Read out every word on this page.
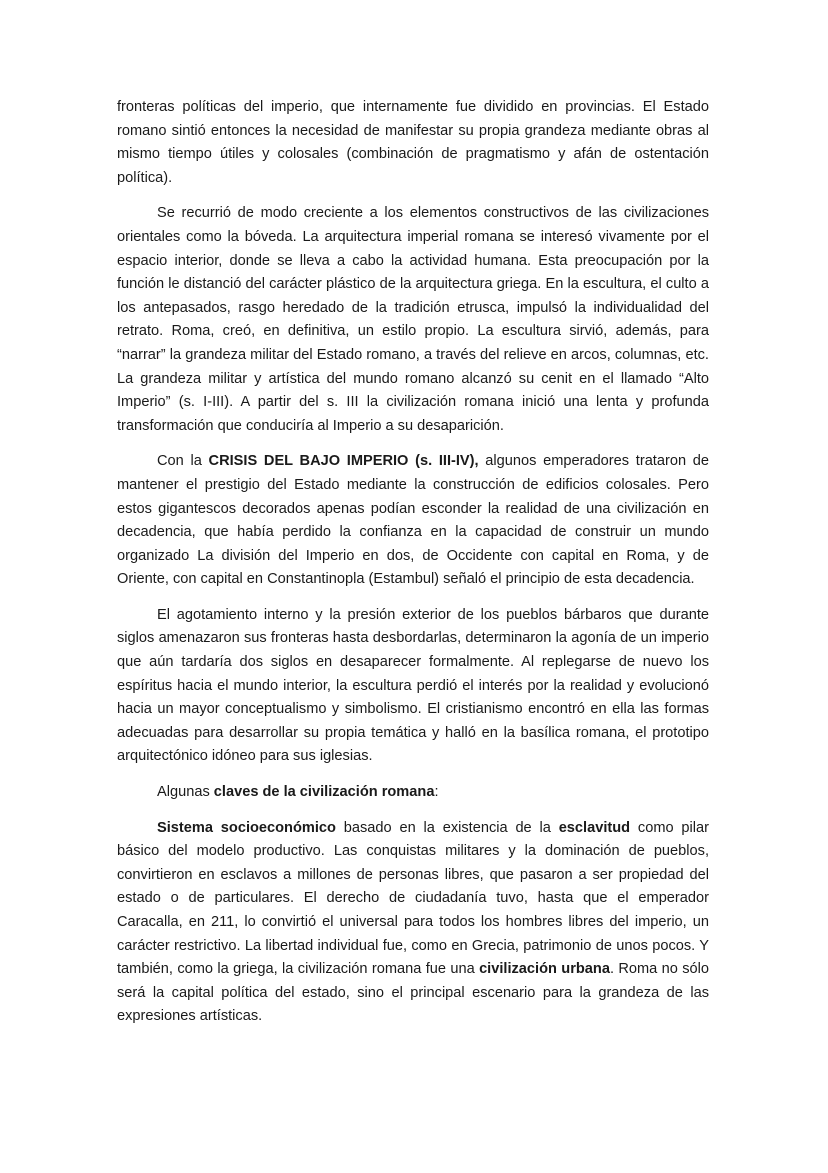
fronteras políticas del imperio, que internamente fue dividido en provincias. El Estado romano sintió entonces la necesidad de manifestar su propia grandeza mediante obras al mismo tiempo útiles y colosales (combinación de pragmatismo y afán de ostentación política).

Se recurrió de modo creciente a los elementos constructivos de las civilizaciones orientales como la bóveda. La arquitectura imperial romana se interesó vivamente por el espacio interior, donde se lleva a cabo la actividad humana. Esta preocupación por la función le distanció del carácter plástico de la arquitectura griega. En la escultura, el culto a los antepasados, rasgo heredado de la tradición etrusca, impulsó la individualidad del retrato. Roma, creó, en definitiva, un estilo propio. La escultura sirvió, además, para “narrar” la grandeza militar del Estado romano, a través del relieve en arcos, columnas, etc. La grandeza militar y artística del mundo romano alcanzó su cenit en el llamado “Alto Imperio” (s. I-III). A partir del s. III la civilización romana inició una lenta y profunda transformación que conduciría al Imperio a su desaparición.

Con la CRISIS DEL BAJO IMPERIO (s. III-IV), algunos emperadores trataron de mantener el prestigio del Estado mediante la construcción de edificios colosales. Pero estos gigantescos decorados apenas podían esconder la realidad de una civilización en decadencia, que había perdido la confianza en la capacidad de construir un mundo organizado La división del Imperio en dos, de Occidente con capital en Roma, y de Oriente, con capital en Constantinopla (Estambul) señaló el principio de esta decadencia.

El agotamiento interno y la presión exterior de los pueblos bárbaros que durante siglos amenazaron sus fronteras hasta desbordarlas, determinaron la agonía de un imperio que aún tardaría dos siglos en desaparecer formalmente. Al replegarse de nuevo los espíritus hacia el mundo interior, la escultura perdió el interés por la realidad y evolucionó hacia un mayor conceptualismo y simbolismo. El cristianismo encontró en ella las formas adecuadas para desarrollar su propia temática y halló en la basílica romana, el prototipo arquitectónico idóneo para sus iglesias.

Algunas claves de la civilización romana:

Sistema socioeconómico basado en la existencia de la esclavitud como pilar básico del modelo productivo. Las conquistas militares y la dominación de pueblos, convirtieron en esclavos a millones de personas libres, que pasaron a ser propiedad del estado o de particulares. El derecho de ciudadanía tuvo, hasta que el emperador Caracalla, en 211, lo convirtió el universal para todos los hombres libres del imperio, un carácter restrictivo. La libertad individual fue, como en Grecia, patrimonio de unos pocos. Y también, como la griega, la civilización romana fue una civilización urbana. Roma no sólo será la capital política del estado, sino el principal escenario para la grandeza de las expresiones artísticas.
